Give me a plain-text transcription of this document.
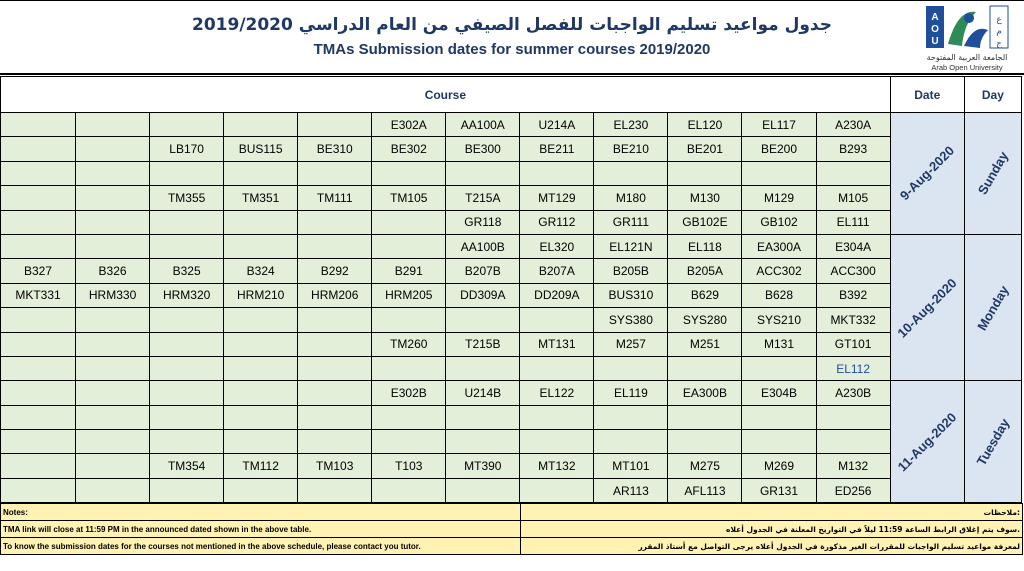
جدول مواعيد تسليم الواجبات للفصل الصيفي من العام الدراسي 2019/2020
TMAs Submission dates for summer courses 2019/2020
A
O
U
ع
م
ج
الجامعة العربية المفتوحة
Arab Open University
Course												Date	Day
					E302A	AA100A	U214A	EL230	EL120	EL117	A230A	9-Aug-2020	Sunday

		LB170	BUS115	BE310	BE302	BE300	BE211	BE210	BE201	BE200	B293		

		TM355	TM351	TM111	TM105	T215A	MT129	M180	M130	M129	M105		
						GR118	GR112	GR111	GB102E	GB102	EL111		
						AA100B	EL320	EL121N	EL118	EA300A	E304A	10-Aug-2020	Monday

B327	B326	B325	B324	B292	B291	B207B	B207A	B205B	B205A	ACC302	ACC300		
MKT331	HRM330	HRM320	HRM210	HRM206	HRM205	DD309A	DD209A	BUS310	B629	B628	B392		
								SYS380	SYS280	SYS210	MKT332		
					TM260	T215B	MT131	M257	M251	M131	GT101		
											EL112		
					E302B	U214B	EL122	EL119	EA300B	E304B	A230B	11-Aug-2020	Tuesday

		TM354	TM112	TM103	T103	MT390	MT132	MT101	M275	M269	M132		
								AR113	AFL113	GR131	ED256		
Notes:	ملاحظات:
TMA link will close at 11:59 PM in the announced dated shown in the above table.	سوف يتم إغلاق الرابط الساعة 11:59 ليلاً في التواريخ المعلنة في الجدول أعلاه.
To know the submission dates for the courses not mentioned in the above schedule, please contact you tutor.	لمعرفة مواعيد تسليم الواجبات للمقررات الغير مذكورة في الجدول أعلاه يرجى التواصل مع أستاذ المقرر
